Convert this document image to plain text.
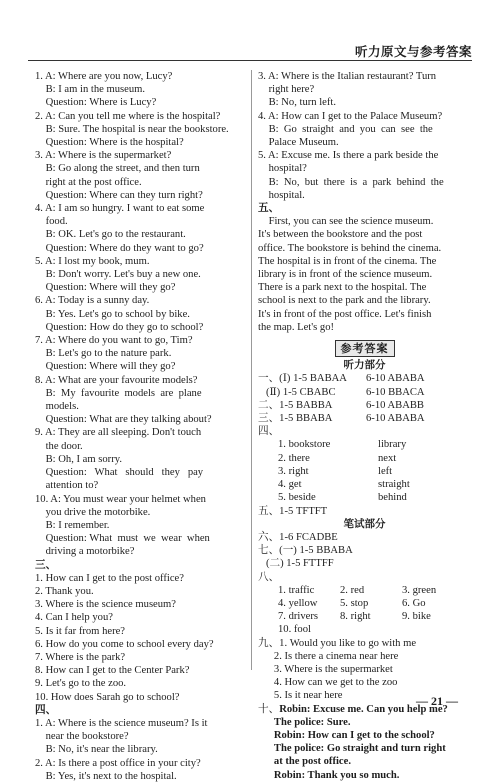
听力原文与参考答案
1. A: Where are you now, Lucy?
B: I am in the museum.
Question: Where is Lucy?
2. A: Can you tell me where is the hospital?
B: Sure. The hospital is near the bookstore.
Question: Where is the hospital?
3. A: Where is the supermarket?
B: Go along the street, and then turn
right at the post office.
Question: Where can they turn right?
4. A: I am so hungry. I want to eat some
food.
B: OK. Let's go to the restaurant.
Question: Where do they want to go?
5. A: I lost my book, mum.
B: Don't worry. Let's buy a new one.
Question: Where will they go?
6. A: Today is a sunny day.
B: Yes. Let's go to school by bike.
Question: How do they go to school?
7. A: Where do you want to go, Tim?
B: Let's go to the nature park.
Question: Where will they go?
8. A: What are your favourite models?
B:  My  favourite  models  are  plane
models.
Question: What are they talking about?
9. A: They are all sleeping. Don't touch
the door.
B: Oh, I am sorry.
Question:   What   should   they   pay
attention to?
10. A: You must wear your helmet when
you drive the motorbike.
B: I remember.
Question: What  must  we  wear  when
driving a motorbike?
三、
1. How can I get to the post office?
2. Thank you.
3. Where is the science museum?
4. Can I help you?
5. Is it far from here?
6. How do you come to school every day?
7. Where is the park?
8. How can I get to the Center Park?
9. Let's go to the zoo.
10. How does Sarah go to school?
四、
1. A: Where is the science museum? Is it
near the bookstore?
B: No, it's near the library.
2. A: Is there a post office in your city?
B: Yes, it's next to the hospital.
3. A: Where is the Italian restaurant? Turn
right here?
B: No, turn left.
4. A: How can I get to the Palace Museum?
B:  Go  straight  and  you  can  see  the
Palace Museum.
5. A: Excuse me. Is there a park beside the
hospital?
B:  No,  but  there  is  a  park  behind  the
hospital.
五、
First, you can see the science museum.
It's between the bookstore and the post
office. The bookstore is behind the cinema.
The hospital is in front of the cinema. The
library is in front of the science museum.
There is a park next to the hospital. The
school is next to the park and the library.
It's in front of the post office. Let's finish
the map. Let's go!
参考答案
听力部分
一、(Ⅰ) 1-5 BABAA	6-10 ABABA
(Ⅱ) 1-5 CBABC	6-10 BBACA
二、1-5 BABBA	6-10 ABABB
三、1-5 BBABA	6-10 ABABA
四、
1. bookstore	library
2. there	next
3. right	left
4. get	straight
5. beside	behind
五、1-5 TFTFT
笔试部分
六、1-6 FCADBE
七、(一) 1-5 BBABA
(二) 1-5 FTTFF
八、
1. traffic	2. red	3. green
4. yellow	5. stop	6. Go
7. drivers	8. right	9. bike
10. fool
九、1. Would you like to go with me
2. Is there a cinema near here
3. Where is the supermarket
4. How can we get to the zoo
5. Is it near here
十、Robin: Excuse me. Can you help me?
The police: Sure.
Robin: How can I get to the school?
The police: Go straight and turn right
at the post office.
Robin: Thank you so much.
— 21 —
